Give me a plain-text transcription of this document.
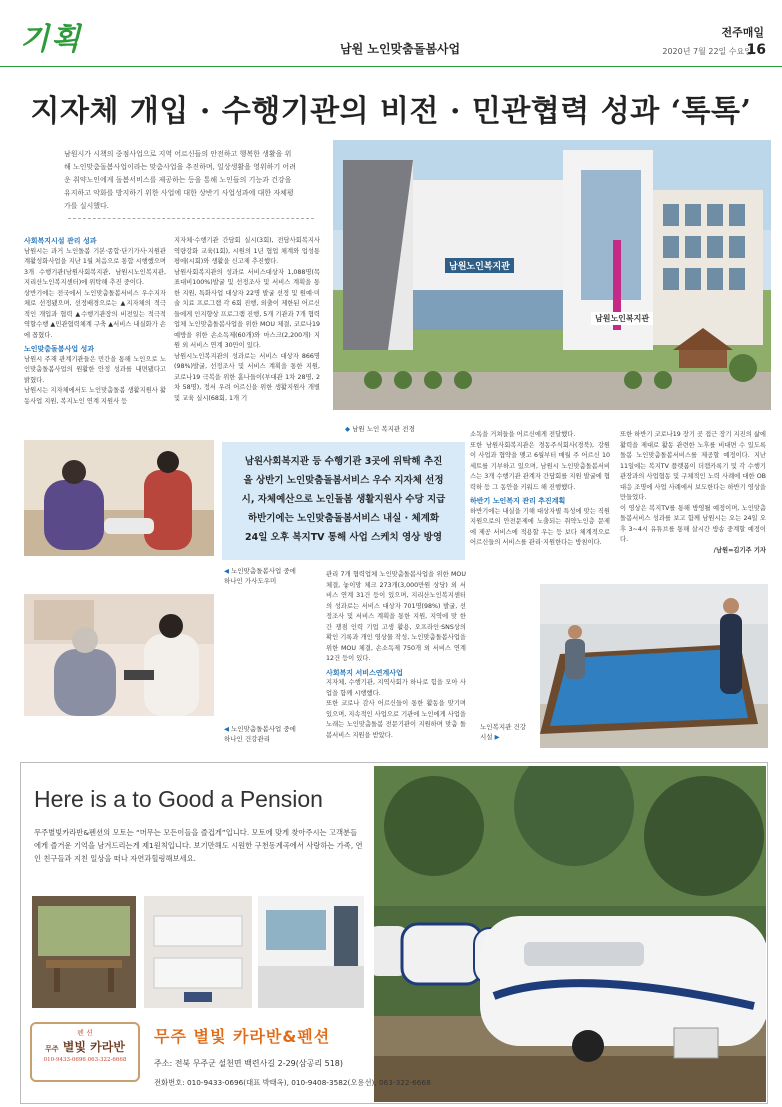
기획	남원 노인맞춤돌봄사업
전주매일
2020년 7월 22일 수요일
16
지자체 개입 · 수행기관의 비전 · 민관협력 성과 ‘톡톡’
남원시가 시책의 중점사업으로 지역 어르신들의 안전하고 행복한 생활을 위해 노인맞춤돌봄사업이라는 맞춤사업을 추진하며, 일상생활을 영위하기 어려운 취약노인에게 돌봄서비스를 제공하는 등을 통해 노인들의 기능과 건강을 유지하고 악화를 방지하기 위한 사업에 대한 상반기 사업성과에 대한 자체평가를 실시했다.
사회복지시설 관리 성과
남원시는 과거 노인돌봄 기본·종합·단기가사·지원관계활성화사업을 지난 1월 처음으로 통합 시행했으며 3개 수행기관(남원사회복지관, 남원시노인복지관, 지리산노인복지센터)에 위탁해 추진 중이다.
상반기에는 전국에서 노인맞춤돌봄서비스 우수지자체로 선정됐으며, 선정배경으로는 ▲지자체의 적극적인 개입과 협력 ▲수행기관장의 비전있는 적극적 역할수행 ▲민관협력체계 구축 ▲서비스 내실화가 손에 꼽혔다.
노인맞춤돌봄사업 성과
남원시 주재 관계기관들은 민간을 통해 노인으로 노인맞춤돌봄사업의 원활한 안정 성과를 내면됐다고 밝혔다.
남원시는 지자체에서도 노인맞춤돌봄 생활지원사 활동사업 지원, 복지노인 연계 지원사 등
지자체·수행기관 간담회 실시(3회), 전담사회복지사 역량강화 교육(1회), 시원의 1년 협업 체계와 업성통평에(시회)와 생활을 신고제 추진했다.
남원사회복지관의 성과로 서비스대상자 1,088명(목표대비100%)발굴 및 선정조사 및 서비스 계획을 통한 지원, 특화사업 대상자 22명 발굴 선정 및 원예·미술 치료 프로그램 각 6회 진행, 외출이 제한된 어르신들에게 인지향상 프로그램 진행, 5개 기관과 7개 협력업체 노인맞춤돌봄사업을 위한 MOU 체결, 코로나19 예방을 위한 손소독제(60개)와 마스크(2,200개) 지원 외 서비스 연계 30만이 있다.
남원시노인복지관의 성과로는 서비스 대상자 866명(98%)발굴, 선정조사 및 서비스 계획을 통한 지원, 코로나19 극복을 위한 홈나들이(부대관 1차 28명, 2차 58명), 정서 우려 어르신을 위한 생활지원사 개별 및 교육 실시(68회, 1개 기
남원노인복지관
남원노인복지관
◆ 남원 노인 복지관 전경
소독을 거쳐들을 어르신에게 전달했다.
또한 남원사회복지관은 경동주식회사(경북), 강원이 사업과 협약을 맺고 6월부터 매월 주 어르신 10세트를 기부하고 있으며, 남원시 노인맞춤돌봄서비스는 3개 수행기관 관계자 간담회를 지원 발굴에 협력하 등 그 동안을 키워드 해 진행했다.
하반기 노인복지 관리 추진계획
하반기에는 내실을 기해 대상자별 특성에 맞는 직원지원으로의 안전문제에 노출되는 취약노인층 문제에 제공 서비스에 적용할 우는 등 보다 체계적으로 어르신들의 서비스를 관리·지원한다는 방침이다.
또한 하반기 코로나19 장기 곳 접근 장기 지진의 삶에 활력을 제대로 활동 관련한 노후를 비대면 수 있도록 돌봄 노인맞춤돌봄서비스를 제공할 예정이다. 지난 11일에는 복지TV 플랫폼이 더캠카록기 및 각 수행기관장과의 사업협동 및 구체적인 노력 사례에 대한 OB대응 조명에 사업 사례에서 보도한다는 하반기 영상을 만들었다.
이 영상은 복지TV를 통해 방영될 예정이며, 노인맞춤돌봄서비스 성과를 보고 함께 남원시는 오는 24일 오후 3~4시 유튜브를 통해 살시간 방송 중계할 예정이다.
/남원=김기주 기자
◀ 노인맞춤돌봄사업 중에
하나인 가사도우미

남원사회복지관 등 수행기관 3곳에 위탁해 추진

올 상반기 노인맞춤돌봄서비스 우수 지자체 선정

시, 자체예산으로 노인돌봄 생활지원사 수당 지급

하반기에는 노인맞춤돌봄서비스 내실 · 체계화

24일 오후 복지TV 통해 사업 스케치 영상 방영

관리 7개 협력업체 노인맞춤돌봄사업을 위한 MOU 체결, 놓이망 체크 273개(3,000만원 상당) 외 서비스 연계 31건 등이 있으며, 지리산노인복지센터의 성과로는 서비스 대상자 701명(98%) 발굴, 선정조사 및 서비스 계획을 통한 지원, 지역에 맞 한 간 쟁점 인력 기업 고생 활용, 오프라인·SNS상의 확인 기록과 개인 영상물 작성, 노인맞춤돌봄사업을 위한 MOU 체결, 손소독제 750개 외 서비스 연계 12건 등이 있다.
사회복지 서비스연계사업
지자체, 수행기관, 지역사회가 하나로 힘을 모아 사업을 함께 시행했다.
또한 코로나 감사 어르신들이 통한 활동을 맞기며 있으며, 지속적인 사업으로 기관에 노인에게 사업을 노래는 노인맞춤돌봄 전문기관이 지원하며 맞춤 돌봄서비스 지원을 받았다.
◀ 노인맞춤돌봄사업 중에
하나인 건강관리
노인복지관 건강
시설 ▶
Here is a to Good a Pension
무주별빛카라반&펜션의 모토는 “머무는 모든이들을 즐겁게”입니다. 모토에 맞게 찾아주시는 고객분들에게 즐거운 기억을 남겨드리는게 제1원칙입니다. 보기만해도 시원한 구천동계곡에서 사랑하는 가족, 연인 친구들과 지친 일상을 떠나 자연과힐링해보세요.
펜 션
무주 별빛 카라반
010-9433-0696 063-322-6668
무주 별빛 카라반&펜션
주소: 전북 무주군 설천면 백련사길 2-29(삼공리 518)
전화번호: 010-9433-0696(대표 박태옥), 010-9408-3582(오용선), 063-322-6668
